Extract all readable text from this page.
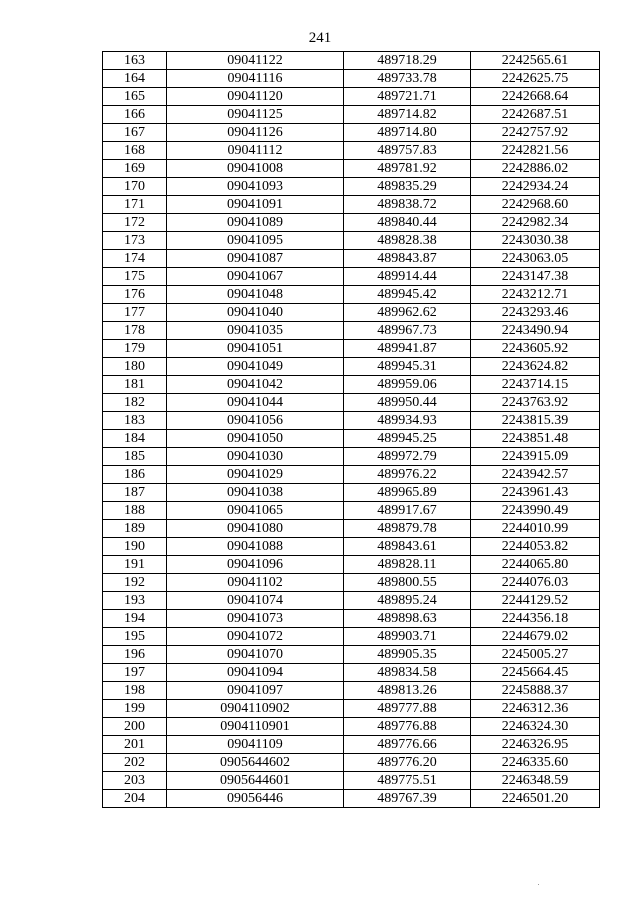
241
163	09041122	489718.29	2242565.61
164	09041116	489733.78	2242625.75
165	09041120	489721.71	2242668.64
166	09041125	489714.82	2242687.51
167	09041126	489714.80	2242757.92
168	09041112	489757.83	2242821.56
169	09041008	489781.92	2242886.02
170	09041093	489835.29	2242934.24
171	09041091	489838.72	2242968.60
172	09041089	489840.44	2242982.34
173	09041095	489828.38	2243030.38
174	09041087	489843.87	2243063.05
175	09041067	489914.44	2243147.38
176	09041048	489945.42	2243212.71
177	09041040	489962.62	2243293.46
178	09041035	489967.73	2243490.94
179	09041051	489941.87	2243605.92
180	09041049	489945.31	2243624.82
181	09041042	489959.06	2243714.15
182	09041044	489950.44	2243763.92
183	09041056	489934.93	2243815.39
184	09041050	489945.25	2243851.48
185	09041030	489972.79	2243915.09
186	09041029	489976.22	2243942.57
187	09041038	489965.89	2243961.43
188	09041065	489917.67	2243990.49
189	09041080	489879.78	2244010.99
190	09041088	489843.61	2244053.82
191	09041096	489828.11	2244065.80
192	09041102	489800.55	2244076.03
193	09041074	489895.24	2244129.52
194	09041073	489898.63	2244356.18
195	09041072	489903.71	2244679.02
196	09041070	489905.35	2245005.27
197	09041094	489834.58	2245664.45
198	09041097	489813.26	2245888.37
199	0904110902	489777.88	2246312.36
200	0904110901	489776.88	2246324.30
201	09041109	489776.66	2246326.95
202	0905644602	489776.20	2246335.60
203	0905644601	489775.51	2246348.59
204	09056446	489767.39	2246501.20
